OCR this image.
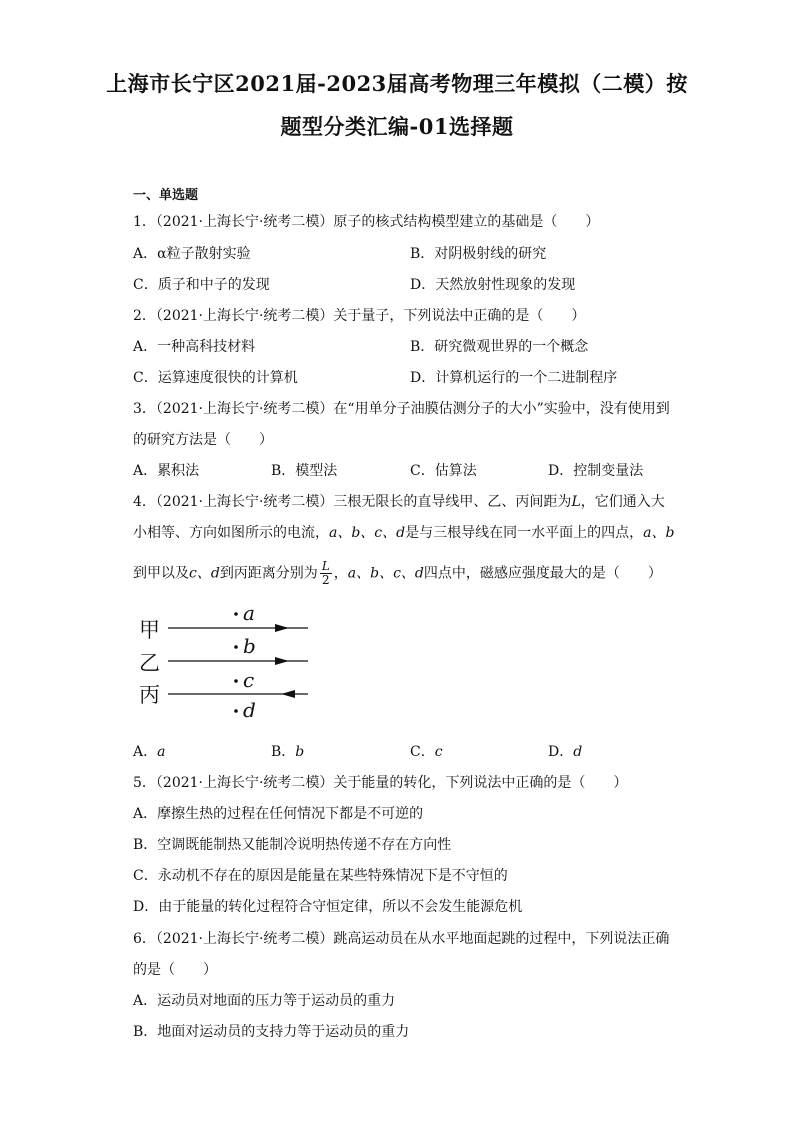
上海市长宁区2021届-2023届高考物理三年模拟（二模）按
题型分类汇编-01选择题
一、单选题
1．（2021·上海长宁·统考二模）原子的核式结构模型建立的基础是（　　）
A．α粒子散射实验	B．对阴极射线的研究
C．质子和中子的发现	D．天然放射性现象的发现
2．（2021·上海长宁·统考二模）关于量子，下列说法中正确的是（　　）
A．一种高科技材料	B．研究微观世界的一个概念
C．运算速度很快的计算机	D．计算机运行的一个二进制程序
3．（2021·上海长宁·统考二模）在“用单分子油膜估测分子的大小”实验中，没有使用到
的研究方法是（　　）
A．累积法	B．模型法	C．估算法	D．控制变量法
4．（2021·上海长宁·统考二模）三根无限长的直导线甲、乙、丙间距为L，它们通入大
小相等、方向如图所示的电流，a、b、c、d是与三根导线在同一水平面上的四点，a、b
到甲以及c、d到丙距离分别为 $\frac{L}{2}$ ，a、b、c、d四点中，磁感应强度最大的是（　　）
甲
乙
丙
a
b
c
d
A．a	B．b	C．c	D．d
5．（2021·上海长宁·统考二模）关于能量的转化，下列说法中正确的是（　　）
A．摩擦生热的过程在任何情况下都是不可逆的
B．空调既能制热又能制冷说明热传递不存在方向性
C．永动机不存在的原因是能量在某些特殊情况下是不守恒的
D．由于能量的转化过程符合守恒定律，所以不会发生能源危机
6．（2021·上海长宁·统考二模）跳高运动员在从水平地面起跳的过程中，下列说法正确
的是（　　）
A．运动员对地面的压力等于运动员的重力
B．地面对运动员的支持力等于运动员的重力
